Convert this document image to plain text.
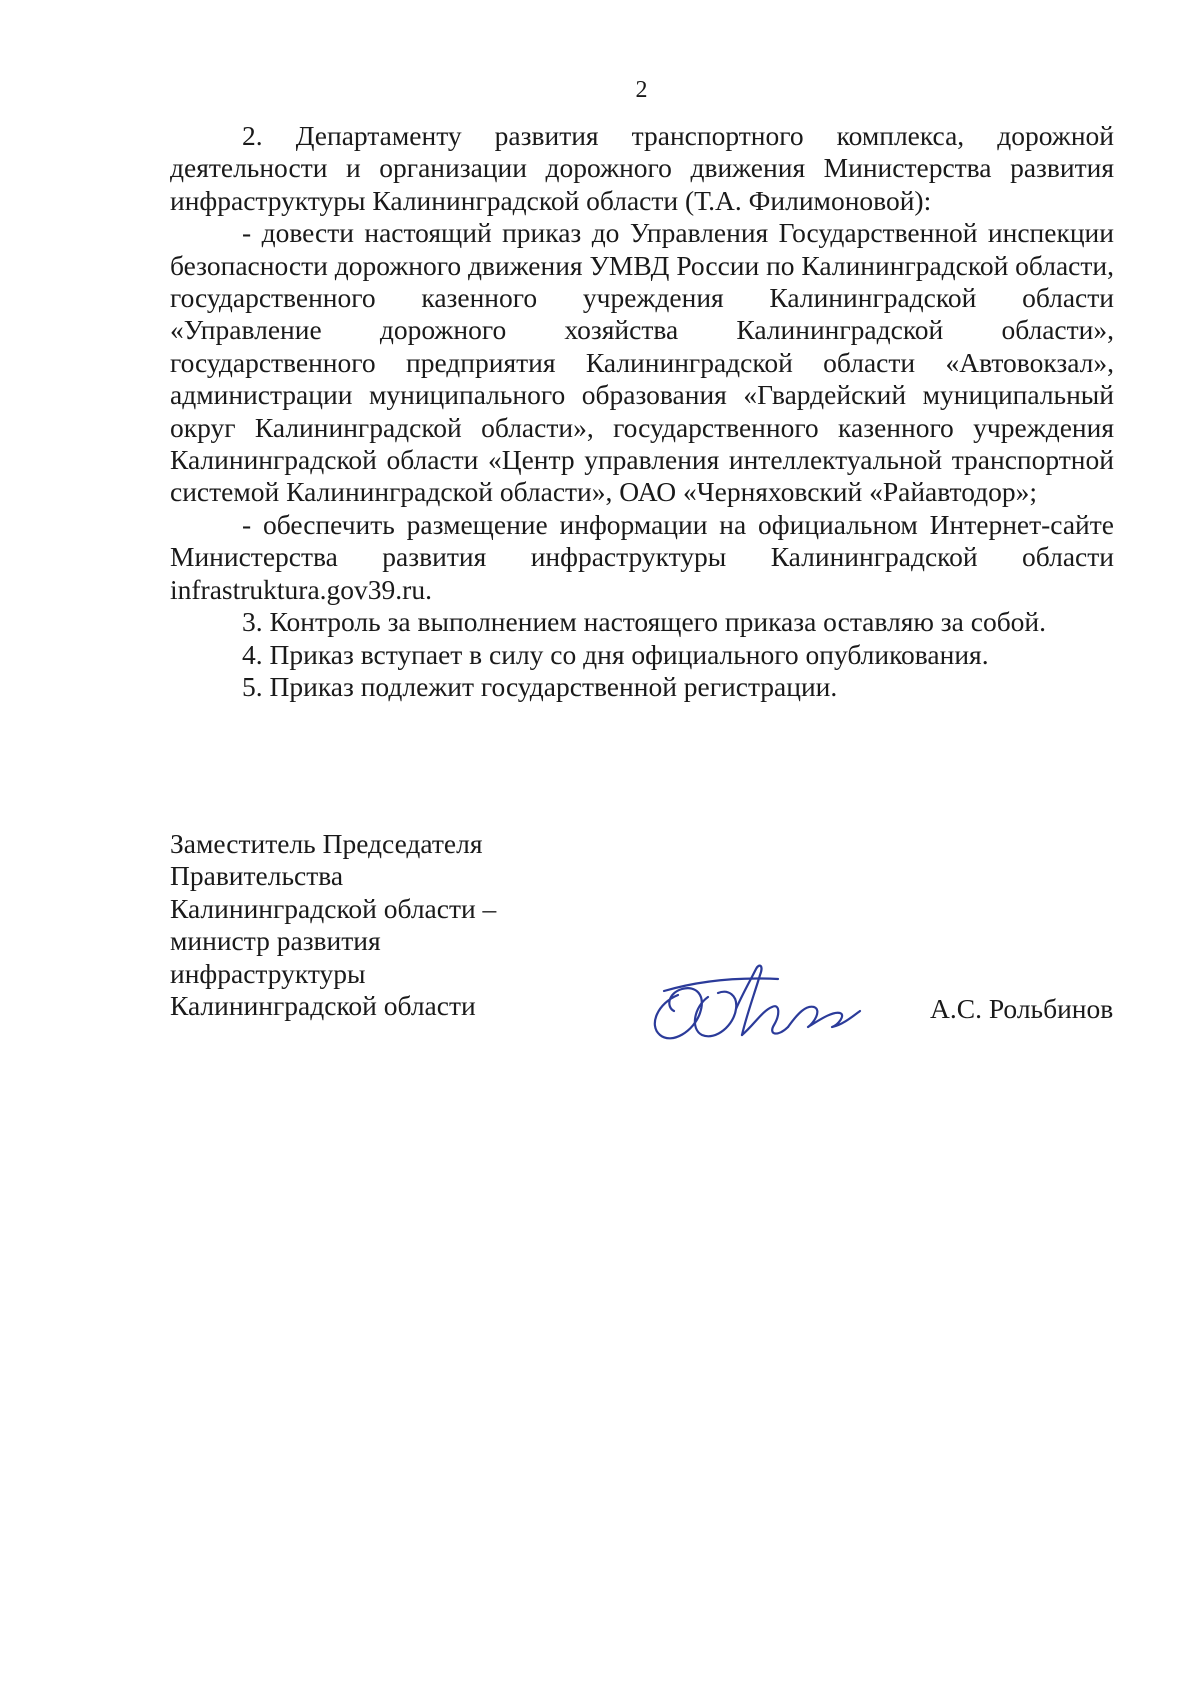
2

2. Департаменту развития транспортного комплекса, дорожной деятельности и организации дорожного движения Министерства развития инфраструктуры Калининградской области (Т.А. Филимоновой):

- довести настоящий приказ до Управления Государственной инспекции безопасности дорожного движения УМВД России по Калининградской области, государственного казенного учреждения Калининградской области «Управление дорожного хозяйства Калининградской области», государственного предприятия Калининградской области «Автовокзал», администрации муниципального образования «Гвардейский муниципальный округ Калининградской области», государственного казенного учреждения Калининградской области «Центр управления интеллектуальной транспортной системой Калининградской области», ОАО «Черняховский «Райавтодор»;

- обеспечить размещение информации на официальном Интернет-сайте Министерства развития инфраструктуры Калининградской области infrastruktura.gov39.ru.

3. Контроль за выполнением настоящего приказа оставляю за собой.

4. Приказ вступает в силу со дня официального опубликования.

5. Приказ подлежит государственной регистрации.

Заместитель Председателя
Правительства
Калининградской области –
министр развития
инфраструктуры
Калининградской области	А.С. Рольбинов
